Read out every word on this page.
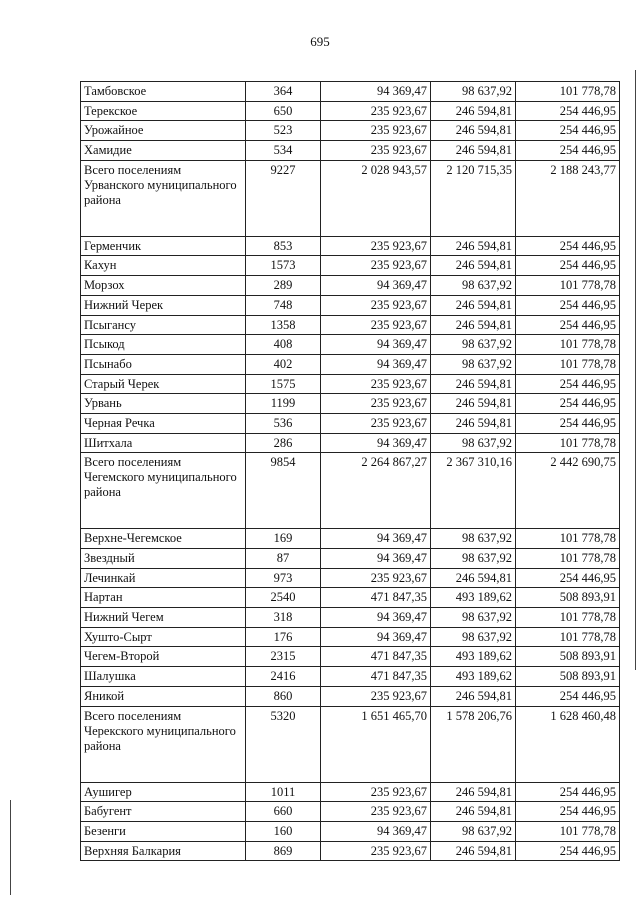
695
Тамбовское	364	94 369,47	98 637,92	101 778,78
Терекское	650	235 923,67	246 594,81	254 446,95
Урожайное	523	235 923,67	246 594,81	254 446,95
Хамидие	534	235 923,67	246 594,81	254 446,95
Всего поселениям Урванского муниципального района	9227	2 028 943,57	2 120 715,35	2 188 243,77
Герменчик	853	235 923,67	246 594,81	254 446,95
Кахун	1573	235 923,67	246 594,81	254 446,95
Морзох	289	94 369,47	98 637,92	101 778,78
Нижний Черек	748	235 923,67	246 594,81	254 446,95
Псыгансу	1358	235 923,67	246 594,81	254 446,95
Псыкод	408	94 369,47	98 637,92	101 778,78
Псынабо	402	94 369,47	98 637,92	101 778,78
Старый Черек	1575	235 923,67	246 594,81	254 446,95
Урвань	1199	235 923,67	246 594,81	254 446,95
Черная Речка	536	235 923,67	246 594,81	254 446,95
Шитхала	286	94 369,47	98 637,92	101 778,78
Всего поселениям Чегемского муниципального района	9854	2 264 867,27	2 367 310,16	2 442 690,75
Верхне-Чегемское	169	94 369,47	98 637,92	101 778,78
Звездный	87	94 369,47	98 637,92	101 778,78
Лечинкай	973	235 923,67	246 594,81	254 446,95
Нартан	2540	471 847,35	493 189,62	508 893,91
Нижний Чегем	318	94 369,47	98 637,92	101 778,78
Хушто-Сырт	176	94 369,47	98 637,92	101 778,78
Чегем-Второй	2315	471 847,35	493 189,62	508 893,91
Шалушка	2416	471 847,35	493 189,62	508 893,91
Яникой	860	235 923,67	246 594,81	254 446,95
Всего поселениям Черекского муниципального района	5320	1 651 465,70	1 578 206,76	1 628 460,48
Аушигер	1011	235 923,67	246 594,81	254 446,95
Бабугент	660	235 923,67	246 594,81	254 446,95
Безенги	160	94 369,47	98 637,92	101 778,78
Верхняя Балкария	869	235 923,67	246 594,81	254 446,95
